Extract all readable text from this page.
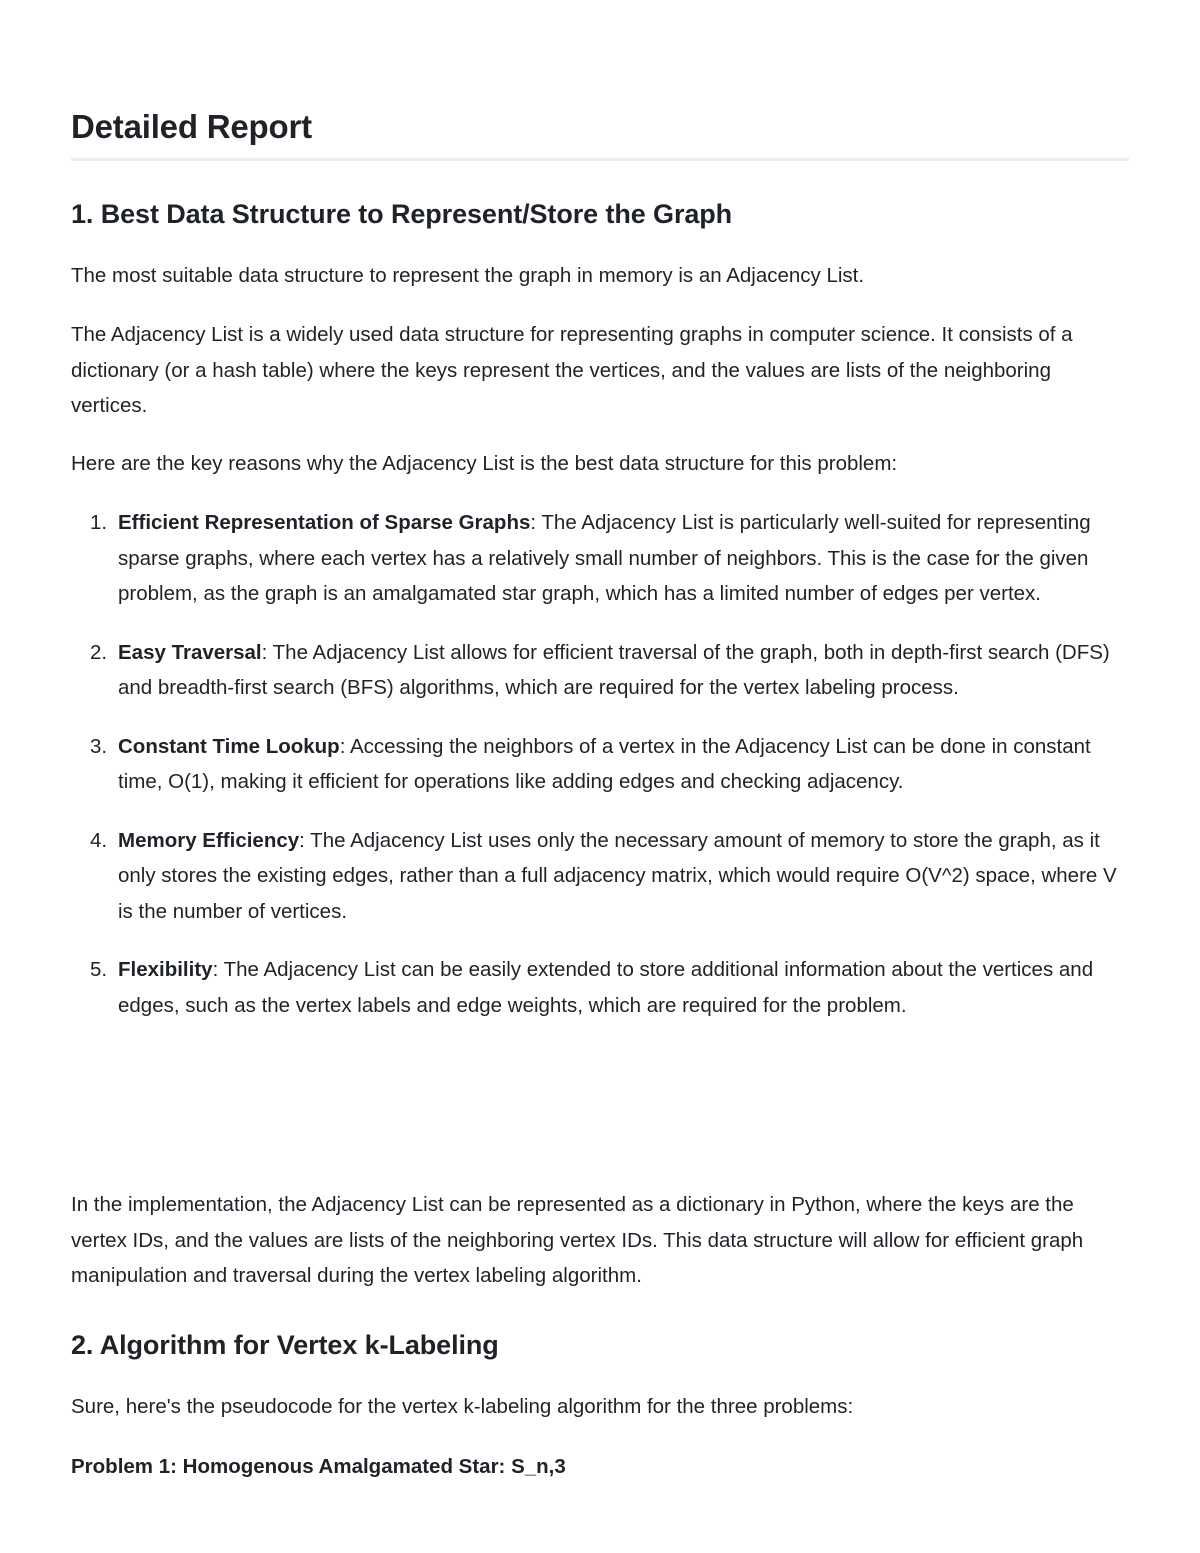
Detailed Report
1. Best Data Structure to Represent/Store the Graph

The most suitable data structure to represent the graph in memory is an Adjacency List.

The Adjacency List is a widely used data structure for representing graphs in computer science. It consists of a dictionary (or a hash table) where the keys represent the vertices, and the values are lists of the neighboring vertices.

Here are the key reasons why the Adjacency List is the best data structure for this problem:

1. Efficient Representation of Sparse Graphs: The Adjacency List is particularly well-suited for representing sparse graphs, where each vertex has a relatively small number of neighbors. This is the case for the given problem, as the graph is an amalgamated star graph, which has a limited number of edges per vertex.
2. Easy Traversal: The Adjacency List allows for efficient traversal of the graph, both in depth-first search (DFS) and breadth-first search (BFS) algorithms, which are required for the vertex labeling process.
3. Constant Time Lookup: Accessing the neighbors of a vertex in the Adjacency List can be done in constant time, O(1), making it efficient for operations like adding edges and checking adjacency.
4. Memory Efficiency: The Adjacency List uses only the necessary amount of memory to store the graph, as it only stores the existing edges, rather than a full adjacency matrix, which would require O(V^2) space, where V is the number of vertices.
5. Flexibility: The Adjacency List can be easily extended to store additional information about the vertices and edges, such as the vertex labels and edge weights, which are required for the problem.

In the implementation, the Adjacency List can be represented as a dictionary in Python, where the keys are the vertex IDs, and the values are lists of the neighboring vertex IDs. This data structure will allow for efficient graph manipulation and traversal during the vertex labeling algorithm.

2. Algorithm for Vertex k-Labeling

Sure, here's the pseudocode for the vertex k-labeling algorithm for the three problems:

Problem 1: Homogenous Amalgamated Star: S_n,3
